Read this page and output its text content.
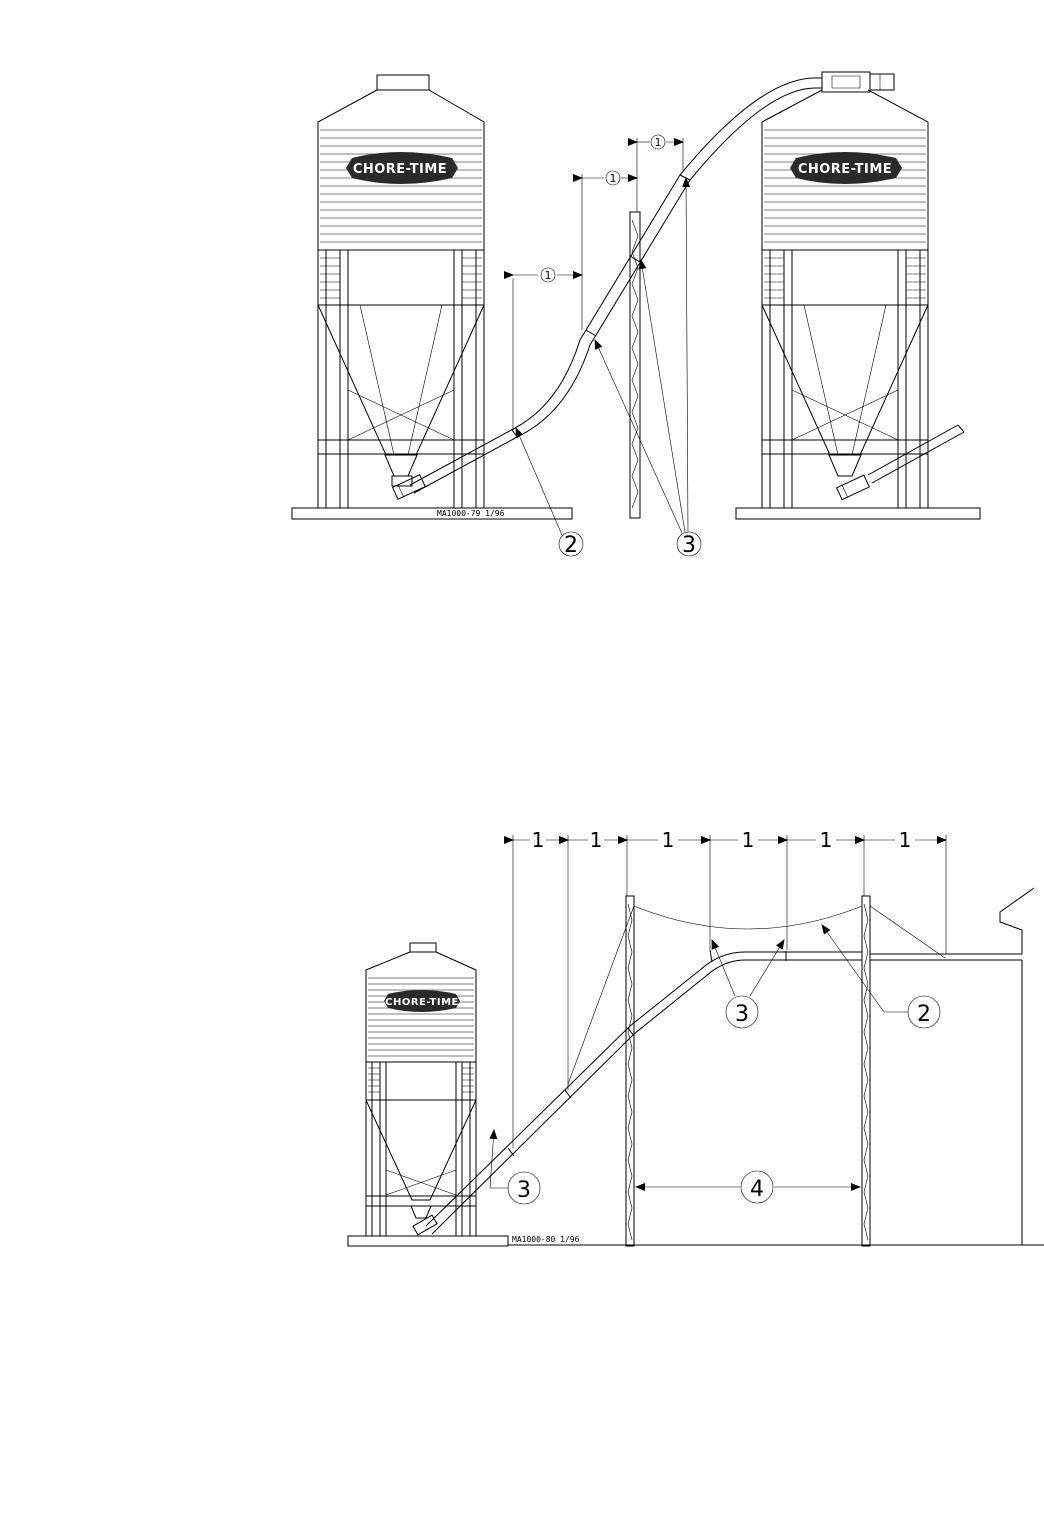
MA1000-79 1/96
CHORE-TIME	CHORE-TIME
1
1
1
2	3
MA1000-80 1/96
CHORE-TIME
1 1	1	1	1	1
3
2
3
4
